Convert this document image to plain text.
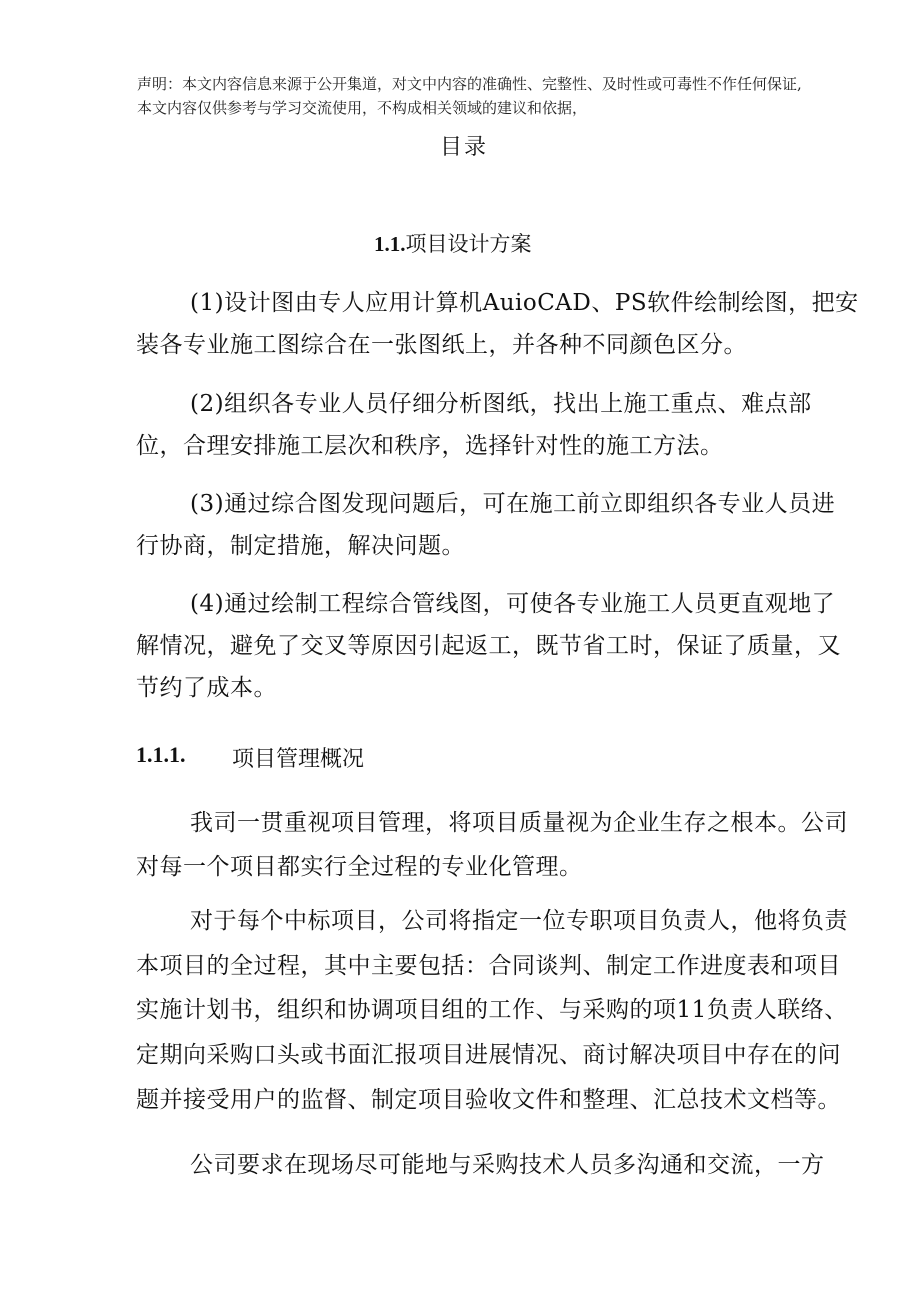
声明：本文内容信息来源于公开集道，对文中内容的准确性、完整性、及时性或可毒性不作任何保证,
本文内容仅供参考与学习交流使用，不构成相关领域的建议和依据，
目录
1.1.项目设计方案
(1)设计图由专人应用计算机AuioCAD、PS软件绘制绘图，把安
装各专业施工图综合在一张图纸上，并各种不同颜色区分。
(2)组织各专业人员仔细分析图纸，找出上施工重点、难点部
位，合理安排施工层次和秩序，选择针对性的施工方法。
(3)通过综合图发现问题后，可在施工前立即组织各专业人员进
行协商，制定措施，解决问题。
(4)通过绘制工程综合管线图，可使各专业施工人员更直观地了
解情况，避免了交叉等原因引起返工，既节省工时，保证了质量，又
节约了成本。
1.1.1. 项目管理概况
我司一贯重视项目管理，将项目质量视为企业生存之根本。公司
对每一个项目都实行全过程的专业化管理。
对于每个中标项目，公司将指定一位专职项目负责人，他将负责
本项目的全过程，其中主要包括：合同谈判、制定工作进度表和项目
实施计划书，组织和协调项目组的工作、与采购的项11负责人联络、
定期向采购口头或书面汇报项目进展情况、商讨解决项目中存在的问
题并接受用户的监督、制定项目验收文件和整理、汇总技术文档等。
公司要求在现场尽可能地与采购技术人员多沟通和交流，一方
